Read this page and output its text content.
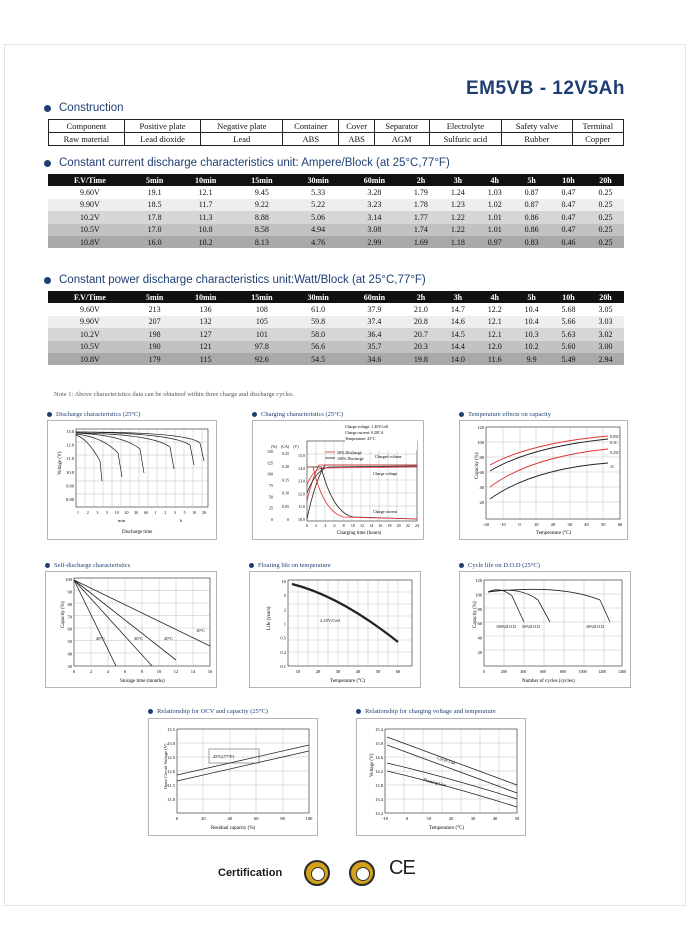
EM5VB - 12V5Ah
Construction
Component	Positive plate	Negative plate	Container	Cover	Separator	Electrolyte	Safety valve	Terminal
Raw material	Lead dioxide	Lead	ABS	ABS	AGM	Sulfuric acid	Rubber	Copper
Constant current discharge characteristics unit: Ampere/Block (at 25°C,77°F)
F.V/Time	5min	10min	15min	30min	60min	2h	3h	4h	5h	10h	20h
9.60V	19.1	12.1	9.45	5.33	3.28	1.79	1.24	1.03	0.87	0.47	0.25
9.90V	18.5	11.7	9.22	5.22	3.23	1.78	1.23	1.02	0.87	0.47	0.25
10.2V	17.8	11.3	8.88	5.06	3.14	1.77	1.22	1.01	0.86	0.47	0.25
10.5V	17.0	10.8	8.58	4.94	3.08	1.74	1.22	1.01	0.86	0.47	0.25
10.8V	16.0	10.2	8.13	4.76	2.99	1.69	1.18	0.97	0.83	0.46	0.25
Constant power discharge characteristics unit:Watt/Block (at 25°C,77°F)
F.V/Time	5min	10min	15min	30min	60min	2h	3h	4h	5h	10h	20h
9.60V	213	136	108	61.0	37.9	21.0	14.7	12.2	10.4	5.68	3.05
9.90V	207	132	105	59.8	37.4	20.8	14.6	12.1	10.4	5.66	3.03
10.2V	198	127	101	58.0	36.4	20.7	14.5	12.1	10.3	5.63	3.02
10.5V	190	121	97.8	56.6	35.7	20.3	14.4	12.0	10.2	5.60	3.00
10.8V	179	115	92.6	54.5	34.6	19.8	14.0	11.6	9.9	5.49	2.94
Note 1: Above characteristics data can be obtained within three charge and discharge cycles.
Discharge characteristics (25°C)
13.0
12.0
11.0
10.0
9.00
8.00
1 2 3 5 10 20 30 60 1 2 3 5 10 20
Voltage (V)
min	h
Discharge time
Charging characteristics (25°C)
Charge voltage: 1.40V/cell
Charge current: 0.20CA
Temperature: 25°C
50% Discharge
100% Discharge	Charged volume
Charge voltage
Charge current
150
125
100
75
50
25
0
0.25
0.20
0.15
0.10
0.05
0
15.0
14.0
13.0
12.0
11.0
10.0
0 2 4 6 8 10 12 14 16 18 20 22 24
(%) (CA) (V)
Charging time (hours)
Temperature effects on capacity
120
100
80
60
40
20
-20 -10	0	10	20	30	40	50	60
0.05C
0.1C
0.25C
1C
Capacity (%)
Temperature (°C)
Self-discharge characteristics
40°C	30°C	20°C
10°C
100
90
80
70
60
50
40
30
0	2	4	6	8	10	12	14	16
Capacity (%)
Storage time (months)
Floating life on temperature
2.25V/Cell
10
5
2
1
0.5
0.2
0.1
10	20	30	40	50	60
Life (years)
Temperature (°C)
Cycle life on D.O.D (25°C)
100%D.O.D 50%D.O.D	30%D.O.D
120
100
80
60
40
20
0	200	400	600	800	1000	1200	1400
Capacity (%)
Number of cycles (cycles)
Relationship for OCV and capacity (25°C)
25°C(77°F)
13.5
13.0
12.5
12.0
11.5
11.0
0	20	40	60	80	100
Open Circuit Voltage (V)
Residual capacity (%)
Relationship for charging voltage and temperature
Cycle Use
Floating Use
15.4
15.0
14.6
14.2
13.8
13.4
13.2
-10	0	10	20	30	40	50
Voltage (V)
Temperature (°C)
Certification	CE
